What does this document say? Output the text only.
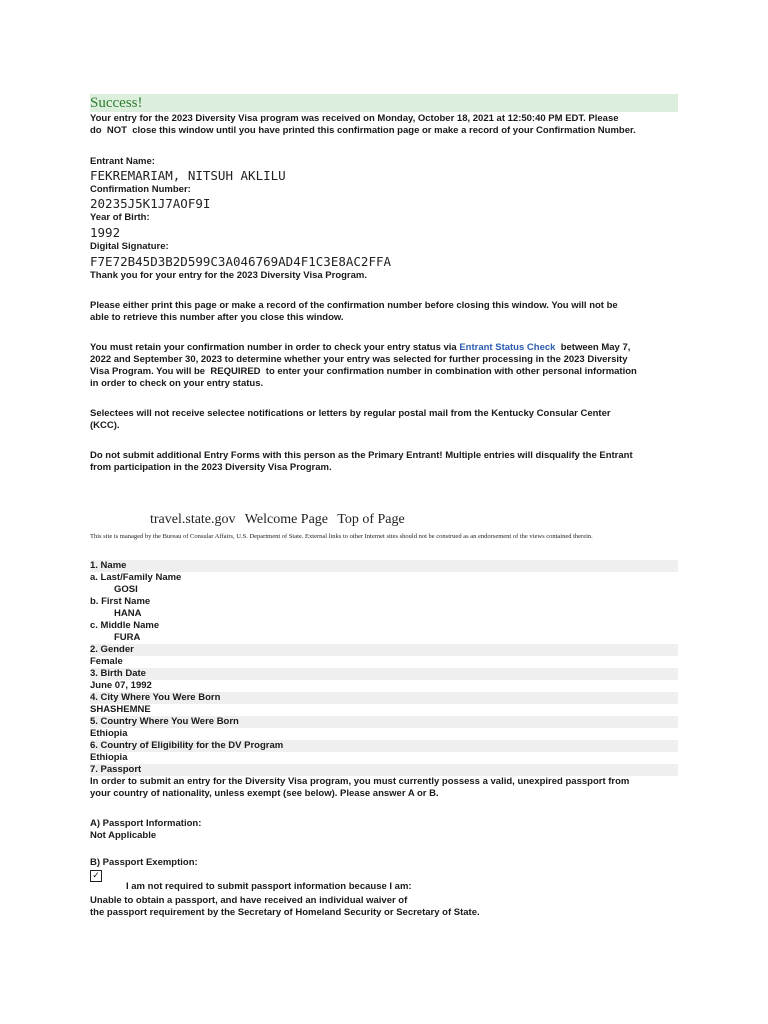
Success!
Your entry for the 2023 Diversity Visa program was received on Monday, October 18, 2021 at 12:50:40 PM EDT. Please
do  NOT  close this window until you have printed this confirmation page or make a record of your Confirmation Number.
Entrant Name:
FEKREMARIAM, NITSUH AKLILU
Confirmation Number:
20235J5K1J7AOF9I
Year of Birth:
1992
Digital Signature:
F7E72B45D3B2D599C3A046769AD4F1C3E8AC2FFA
Thank you for your entry for the 2023 Diversity Visa Program.
Please either print this page or make a record of the confirmation number before closing this window. You will not be
able to retrieve this number after you close this window.
You must retain your confirmation number in order to check your entry status via Entrant Status Check  between May 7,
2022 and September 30, 2023 to determine whether your entry was selected for further processing in the 2023 Diversity
Visa Program. You will be  REQUIRED  to enter your confirmation number in combination with other personal information
in order to check on your entry status.
Selectees will not receive selectee notifications or letters by regular postal mail from the Kentucky Consular Center
(KCC).
Do not submit additional Entry Forms with this person as the Primary Entrant! Multiple entries will disqualify the Entrant
from participation in the 2023 Diversity Visa Program.
travel.state.gov Welcome Page Top of Page
This site is managed by the Bureau of Consular Affairs, U.S. Department of State. External links to other Internet sites should not be construed as an endorsement of the views contained therein.
1. Name
a. Last/Family Name
GOSI
b. First Name
HANA
c. Middle Name
FURA
2. Gender
Female
3. Birth Date
June 07, 1992
4. City Where You Were Born
SHASHEMNE
5. Country Where You Were Born
Ethiopia
6. Country of Eligibility for the DV Program
Ethiopia
7. Passport
In order to submit an entry for the Diversity Visa program, you must currently possess a valid, unexpired passport from
your country of nationality, unless exempt (see below). Please answer A or B.
A) Passport Information:
Not Applicable
B) Passport Exemption:
✓
I am not required to submit passport information because I am:
Unable to obtain a passport, and have received an individual waiver of
the passport requirement by the Secretary of Homeland Security or Secretary of State.
